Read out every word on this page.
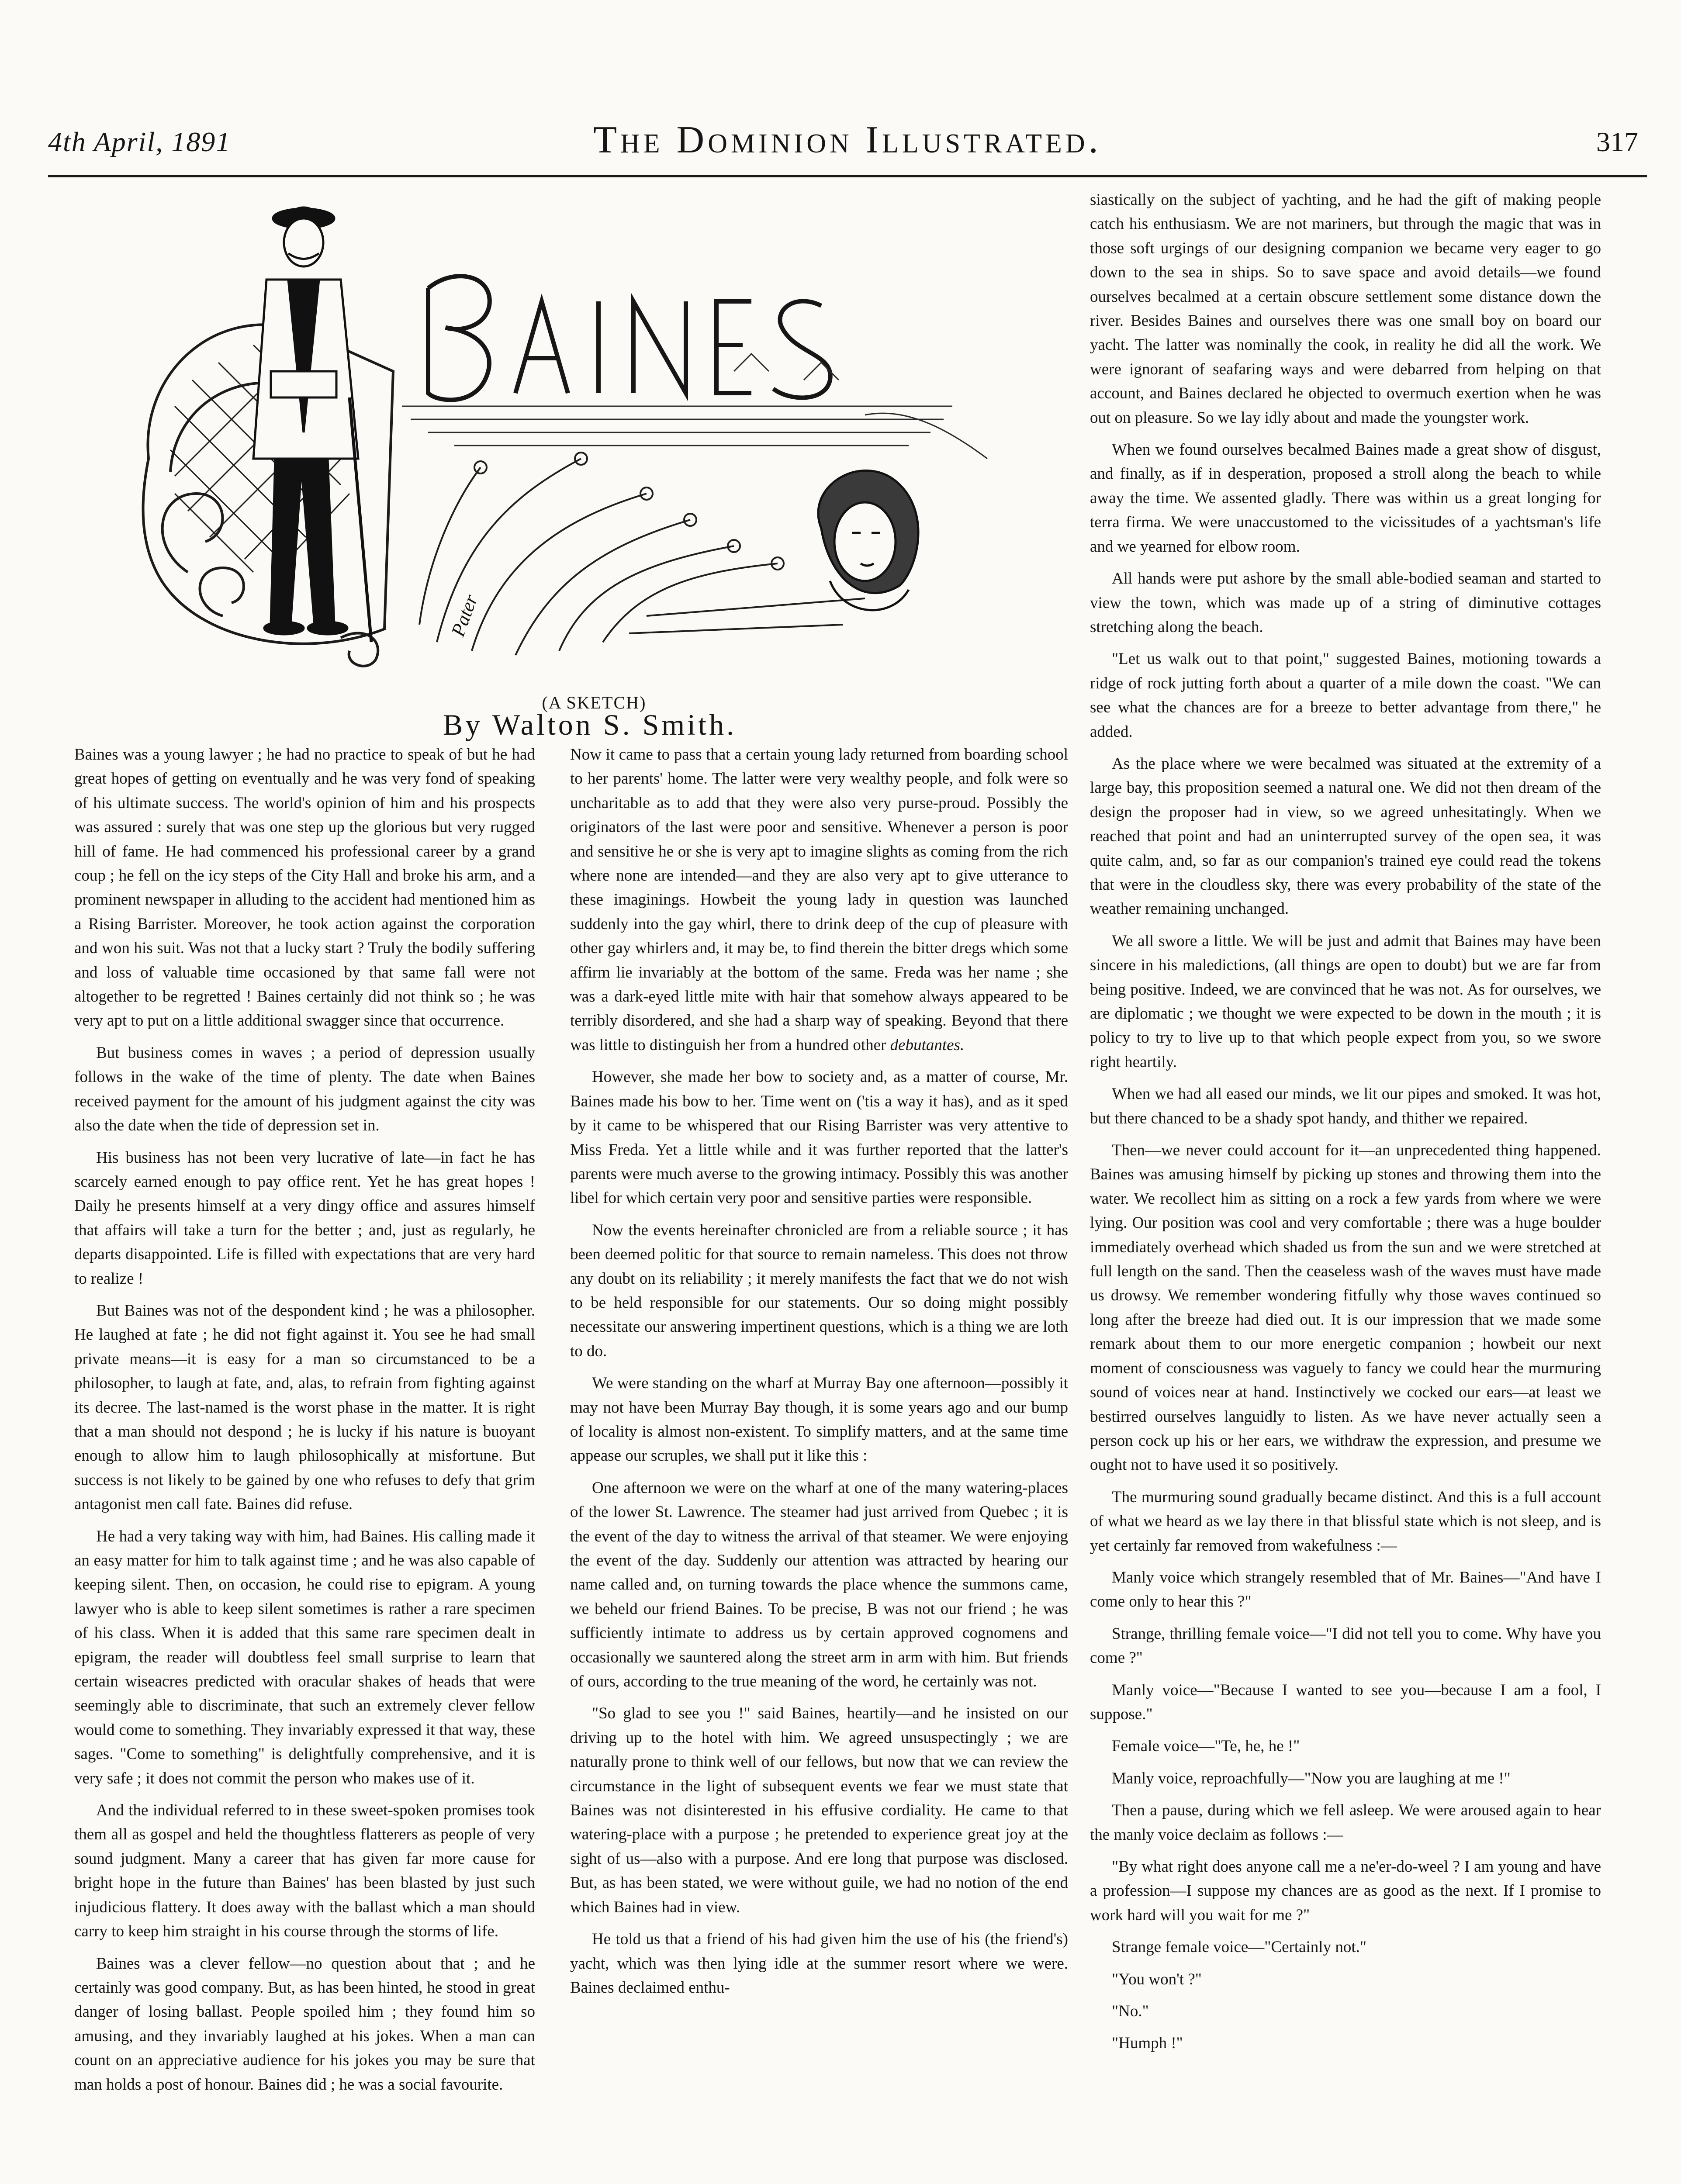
4th April, 1891	The Dominion Illustrated.	317
Pater
(A SKETCH)
By Walton S. Smith.

Baines was a young lawyer ; he had no practice to speak of but he had great hopes of getting on eventually and he was very fond of speaking of his ultimate success. The world's opinion of him and his prospects was assured : surely that was one step up the glorious but very rugged hill of fame. He had commenced his professional career by a grand coup ; he fell on the icy steps of the City Hall and broke his arm, and a prominent newspaper in alluding to the accident had mentioned him as a Rising Barrister. Moreover, he took action against the corporation and won his suit. Was not that a lucky start ? Truly the bodily suffering and loss of valuable time occasioned by that same fall were not altogether to be regretted ! Baines certainly did not think so ; he was very apt to put on a little additional swagger since that occurrence.

But business comes in waves ; a period of depression usually follows in the wake of the time of plenty. The date when Baines received payment for the amount of his judgment against the city was also the date when the tide of depression set in.

His business has not been very lucrative of late—in fact he has scarcely earned enough to pay office rent. Yet he has great hopes ! Daily he presents himself at a very dingy office and assures himself that affairs will take a turn for the better ; and, just as regularly, he departs disappointed. Life is filled with expectations that are very hard to realize !

But Baines was not of the despondent kind ; he was a philosopher. He laughed at fate ; he did not fight against it. You see he had small private means—it is easy for a man so circumstanced to be a philosopher, to laugh at fate, and, alas, to refrain from fighting against its decree. The last-named is the worst phase in the matter. It is right that a man should not despond ; he is lucky if his nature is buoyant enough to allow him to laugh philosophically at misfortune. But success is not likely to be gained by one who refuses to defy that grim antagonist men call fate. Baines did refuse.

He had a very taking way with him, had Baines. His calling made it an easy matter for him to talk against time ; and he was also capable of keeping silent. Then, on occasion, he could rise to epigram. A young lawyer who is able to keep silent sometimes is rather a rare specimen of his class. When it is added that this same rare specimen dealt in epigram, the reader will doubtless feel small surprise to learn that certain wiseacres predicted with oracular shakes of heads that were seemingly able to discriminate, that such an extremely clever fellow would come to something. They invariably expressed it that way, these sages. "Come to something" is delightfully comprehensive, and it is very safe ; it does not commit the person who makes use of it.

And the individual referred to in these sweet-spoken promises took them all as gospel and held the thoughtless flatterers as people of very sound judgment. Many a career that has given far more cause for bright hope in the future than Baines' has been blasted by just such injudicious flattery. It does away with the ballast which a man should carry to keep him straight in his course through the storms of life.

Baines was a clever fellow—no question about that ; and he certainly was good company. But, as has been hinted, he stood in great danger of losing ballast. People spoiled him ; they found him so amusing, and they invariably laughed at his jokes. When a man can count on an appreciative audience for his jokes you may be sure that man holds a post of honour. Baines did ; he was a social favourite.

Now it came to pass that a certain young lady returned from boarding school to her parents' home. The latter were very wealthy people, and folk were so uncharitable as to add that they were also very purse-proud. Possibly the originators of the last were poor and sensitive. Whenever a person is poor and sensitive he or she is very apt to imagine slights as coming from the rich where none are intended—and they are also very apt to give utterance to these imaginings. Howbeit the young lady in question was launched suddenly into the gay whirl, there to drink deep of the cup of pleasure with other gay whirlers and, it may be, to find therein the bitter dregs which some affirm lie invariably at the bottom of the same. Freda was her name ; she was a dark-eyed little mite with hair that somehow always appeared to be terribly disordered, and she had a sharp way of speaking. Beyond that there was little to distinguish her from a hundred other debutantes.

However, she made her bow to society and, as a matter of course, Mr. Baines made his bow to her. Time went on ('tis a way it has), and as it sped by it came to be whispered that our Rising Barrister was very attentive to Miss Freda. Yet a little while and it was further reported that the latter's parents were much averse to the growing intimacy. Possibly this was another libel for which certain very poor and sensitive parties were responsible.

Now the events hereinafter chronicled are from a reliable source ; it has been deemed politic for that source to remain nameless. This does not throw any doubt on its reliability ; it merely manifests the fact that we do not wish to be held responsible for our statements. Our so doing might possibly necessitate our answering impertinent questions, which is a thing we are loth to do.

We were standing on the wharf at Murray Bay one afternoon—possibly it may not have been Murray Bay though, it is some years ago and our bump of locality is almost non-existent. To simplify matters, and at the same time appease our scruples, we shall put it like this :

One afternoon we were on the wharf at one of the many watering-places of the lower St. Lawrence. The steamer had just arrived from Quebec ; it is the event of the day to witness the arrival of that steamer. We were enjoying the event of the day. Suddenly our attention was attracted by hearing our name called and, on turning towards the place whence the summons came, we beheld our friend Baines. To be precise, B was not our friend ; he was sufficiently intimate to address us by certain approved cognomens and occasionally we sauntered along the street arm in arm with him. But friends of ours, according to the true meaning of the word, he certainly was not.

"So glad to see you !" said Baines, heartily—and he insisted on our driving up to the hotel with him. We agreed unsuspectingly ; we are naturally prone to think well of our fellows, but now that we can review the circumstance in the light of subsequent events we fear we must state that Baines was not disinterested in his effusive cordiality. He came to that watering-place with a purpose ; he pretended to experience great joy at the sight of us—also with a purpose. And ere long that purpose was disclosed. But, as has been stated, we were without guile, we had no notion of the end which Baines had in view.

He told us that a friend of his had given him the use of his (the friend's) yacht, which was then lying idle at the summer resort where we were. Baines declaimed enthu-

siastically on the subject of yachting, and he had the gift of making people catch his enthusiasm. We are not mariners, but through the magic that was in those soft urgings of our designing companion we became very eager to go down to the sea in ships. So to save space and avoid details—we found ourselves becalmed at a certain obscure settlement some distance down the river. Besides Baines and ourselves there was one small boy on board our yacht. The latter was nominally the cook, in reality he did all the work. We were ignorant of seafaring ways and were debarred from helping on that account, and Baines declared he objected to overmuch exertion when he was out on pleasure. So we lay idly about and made the youngster work.

When we found ourselves becalmed Baines made a great show of disgust, and finally, as if in desperation, proposed a stroll along the beach to while away the time. We assented gladly. There was within us a great longing for terra firma. We were unaccustomed to the vicissitudes of a yachtsman's life and we yearned for elbow room.

All hands were put ashore by the small able-bodied seaman and started to view the town, which was made up of a string of diminutive cottages stretching along the beach.

"Let us walk out to that point," suggested Baines, motioning towards a ridge of rock jutting forth about a quarter of a mile down the coast. "We can see what the chances are for a breeze to better advantage from there," he added.

As the place where we were becalmed was situated at the extremity of a large bay, this proposition seemed a natural one. We did not then dream of the design the proposer had in view, so we agreed unhesitatingly. When we reached that point and had an uninterrupted survey of the open sea, it was quite calm, and, so far as our companion's trained eye could read the tokens that were in the cloudless sky, there was every probability of the state of the weather remaining unchanged.

We all swore a little. We will be just and admit that Baines may have been sincere in his maledictions, (all things are open to doubt) but we are far from being positive. Indeed, we are convinced that he was not. As for ourselves, we are diplomatic ; we thought we were expected to be down in the mouth ; it is policy to try to live up to that which people expect from you, so we swore right heartily.

When we had all eased our minds, we lit our pipes and smoked. It was hot, but there chanced to be a shady spot handy, and thither we repaired.

Then—we never could account for it—an unprecedented thing happened. Baines was amusing himself by picking up stones and throwing them into the water. We recollect him as sitting on a rock a few yards from where we were lying. Our position was cool and very comfortable ; there was a huge boulder immediately overhead which shaded us from the sun and we were stretched at full length on the sand. Then the ceaseless wash of the waves must have made us drowsy. We remember wondering fitfully why those waves continued so long after the breeze had died out. It is our impression that we made some remark about them to our more energetic companion ; howbeit our next moment of consciousness was vaguely to fancy we could hear the murmuring sound of voices near at hand. Instinctively we cocked our ears—at least we bestirred ourselves languidly to listen. As we have never actually seen a person cock up his or her ears, we withdraw the expression, and presume we ought not to have used it so positively.

The murmuring sound gradually became distinct. And this is a full account of what we heard as we lay there in that blissful state which is not sleep, and is yet certainly far removed from wakefulness :—

Manly voice which strangely resembled that of Mr. Baines—"And have I come only to hear this ?"

Strange, thrilling female voice—"I did not tell you to come. Why have you come ?"

Manly voice—"Because I wanted to see you—because I am a fool, I suppose."

Female voice—"Te, he, he !"

Manly voice, reproachfully—"Now you are laughing at me !"

Then a pause, during which we fell asleep. We were aroused again to hear the manly voice declaim as follows :—

"By what right does anyone call me a ne'er-do-weel ? I am young and have a profession—I suppose my chances are as good as the next. If I promise to work hard will you wait for me ?"

Strange female voice—"Certainly not."

"You won't ?"

"No."

"Humph !"
